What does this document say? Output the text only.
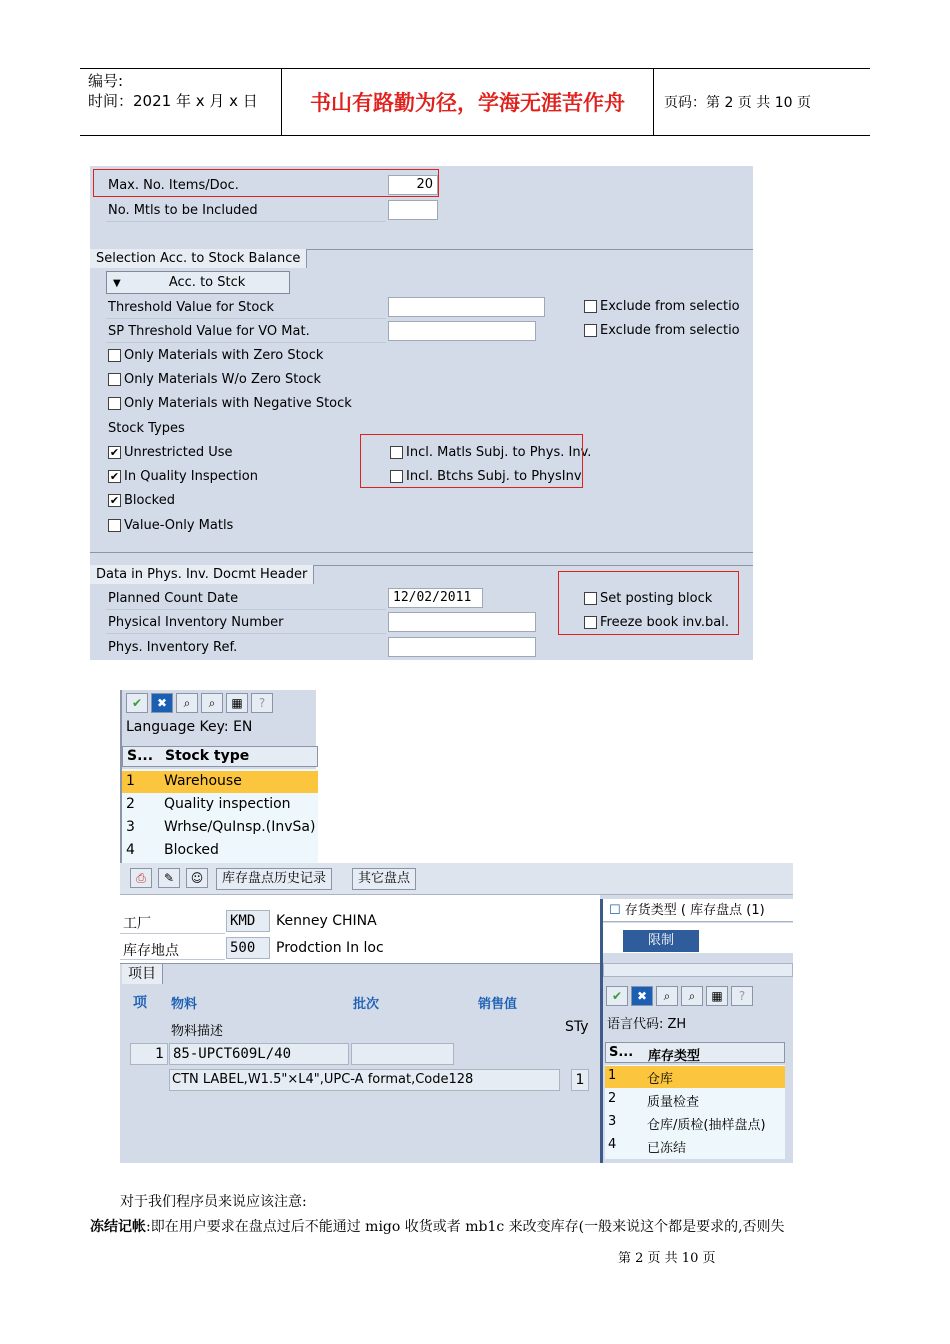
编号:
时间：2021 年 x 月 x 日	书山有路勤为径，学海无涯苦作舟	页码：第 2 页 共 10 页
Max. No. Items/Doc.	20
No. Mtls to be Included
Selection Acc. to Stock Balance
▼	Acc. to Stck
Threshold Value for Stock	Exclude from selectio
SP Threshold Value for VO Mat.	Exclude from selectio
Only Materials with Zero Stock
Only Materials W/o Zero Stock
Only Materials with Negative Stock
Stock Types
✔ Unrestricted Use
✔ In Quality Inspection
✔ Blocked
Value-Only Matls
Incl. Matls Subj. to Phys. Inv.
Incl. Btchs Subj. to PhysInv
Data in Phys. Inv. Docmt Header
Planned Count Date	12/02/2011
Physical Inventory Number
Phys. Inventory Ref.
Set posting block
Freeze book inv.bal.
✔ ✖ ⌕ ⌕ ▦ ?
Language Key: EN
S... Stock type
1 Warehouse
2 Quality inspection
3 Wrhse/QuInsp.(InvSa)
4 Blocked
⎙	✎	☺	库存盘点历史记录	其它盘点
工厂	KMD	Kenney CHINA
库存地点	500	Prodction In loc
项目
项 物料	批次	销售值
物料描述	STy
1 85-UPCT609L/40
CTN LABEL,W1.5"×L4",UPC-A format,Code128	1
☐ 存货类型 ( 库存盘点 (1)
限制
✔ ✖ ⌕ ⌕ ▦ ?
语言代码: ZH
S... 库存类型
1 仓库
2 质量检查
3 仓库/质检(抽样盘点)
4 已冻结
对于我们程序员来说应该注意:
冻结记帐:即在用户要求在盘点过后不能通过 migo 收货或者 mb1c 来改变库存(一般来说这个都是要求的,否则失
第 2 页 共 10 页
